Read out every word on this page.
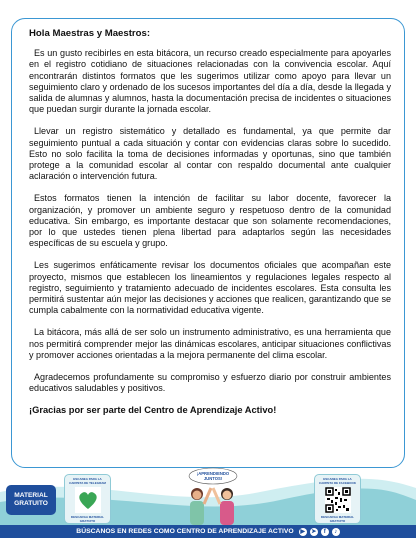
Hola Maestras y Maestros:

Es un gusto recibirles en esta bitácora, un recurso creado especialmente para apoyarles en el registro cotidiano de situaciones relacionadas con la convivencia escolar. Aquí encontrarán distintos formatos que les sugerimos utilizar como apoyo para llevar un seguimiento claro y ordenado de los sucesos importantes del día a día, desde la llegada y salida de alumnas y alumnos, hasta la documentación precisa de incidentes o situaciones que puedan surgir durante la jornada escolar.

Llevar un registro sistemático y detallado es fundamental, ya que permite dar seguimiento puntual a cada situación y contar con evidencias claras sobre lo sucedido. Esto no solo facilita la toma de decisiones informadas y oportunas, sino que también protege a la comunidad escolar al contar con respaldo documental ante cualquier aclaración o intervención futura.

Estos formatos tienen la intención de facilitar su labor docente, favorecer la organización, y promover un ambiente seguro y respetuoso dentro de la comunidad educativa. Sin embargo, es importante destacar que son solamente recomendaciones, por lo que ustedes tienen plena libertad para adaptarlos según las necesidades específicas de su escuela y grupo.

Les sugerimos enfáticamente revisar los documentos oficiales que acompañan este proyecto, mismos que establecen los lineamientos y regulaciones legales respecto al registro, seguimiento y tratamiento adecuado de incidentes escolares. Esta consulta les permitirá sustentar aún mejor las decisiones y acciones que realicen, garantizando que se cumpla cabalmente con la normatividad educativa vigente.

La bitácora, más allá de ser solo un instrumento administrativo, es una herramienta que nos permitirá comprender mejor las dinámicas escolares, anticipar situaciones conflictivas y promover acciones orientadas a la mejora permanente del clima escolar.

Agradecemos profundamente su compromiso y esfuerzo diario por construir ambientes educativos saludables y positivos.

¡Gracias por ser parte del Centro de Aprendizaje Activo!

MATERIAL
GRATUITO
ESCANEA PARA LA CARPETA DE TELEGRAM
DESCARGA MATERIAL GRATUITO
¡APRENDIENDO
JUNTOS!	ESCANEA PARA LA CARPETA DE FACEBOOK
DESCARGA MATERIAL GRATUITO
BÚSCANOS EN REDES COMO CENTRO DE APRENDIZAJE ACTIVO ▶ ➤	f	♪
